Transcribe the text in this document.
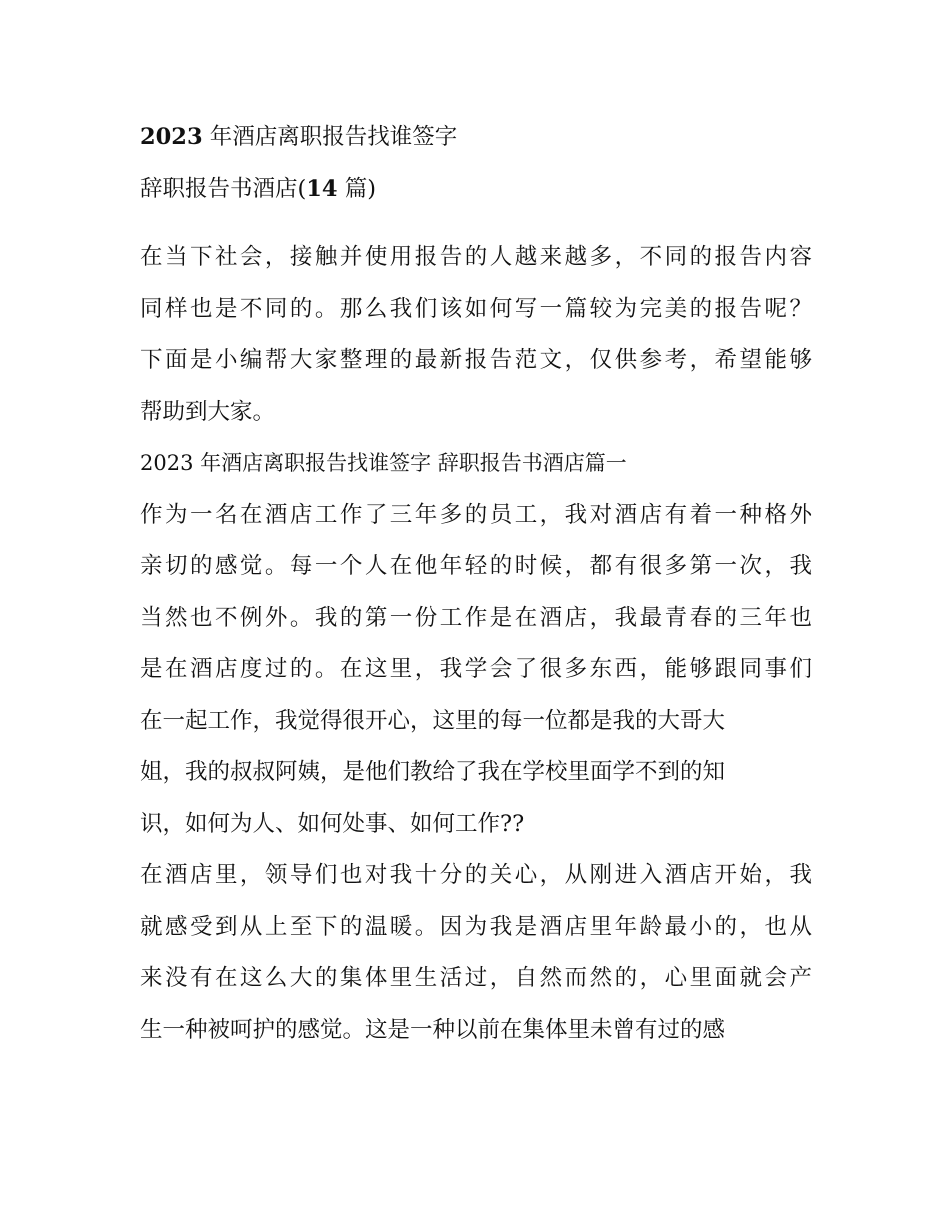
2023 年酒店离职报告找谁签字
辞职报告书酒店(14 篇)
在当下社会，接触并使用报告的人越来越多，不同的报告内容
同样也是不同的。那么我们该如何写一篇较为完美的报告呢？
下面是小编帮大家整理的最新报告范文，仅供参考，希望能够
帮助到大家。
2023 年酒店离职报告找谁签字 辞职报告书酒店篇一
作为一名在酒店工作了三年多的员工，我对酒店有着一种格外
亲切的感觉。每一个人在他年轻的时候，都有很多第一次，我
当然也不例外。我的第一份工作是在酒店，我最青春的三年也
是在酒店度过的。在这里，我学会了很多东西，能够跟同事们
在一起工作，我觉得很开心，这里的每一位都是我的大哥大
姐，我的叔叔阿姨，是他们教给了我在学校里面学不到的知
识，如何为人、如何处事、如何工作??
在酒店里，领导们也对我十分的关心，从刚进入酒店开始，我
就感受到从上至下的温暖。因为我是酒店里年龄最小的，也从
来没有在这么大的集体里生活过，自然而然的，心里面就会产
生一种被呵护的感觉。这是一种以前在集体里未曾有过的感
